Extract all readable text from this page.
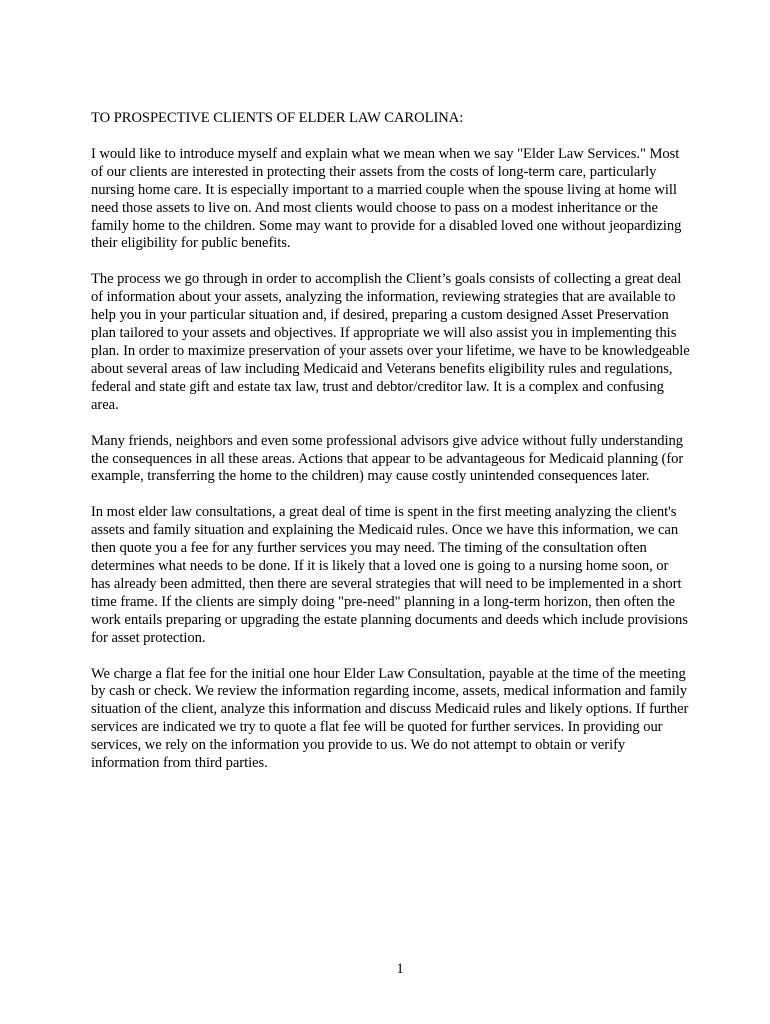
TO PROSPECTIVE CLIENTS OF ELDER LAW CAROLINA:

I would like to introduce myself and explain what we mean when we say "Elder Law Services." Most of our clients are interested in protecting their assets from the costs of long-term care, particularly nursing home care. It is especially important to a married couple when the spouse living at home will need those assets to live on. And most clients would choose to pass on a modest inheritance or the family home to the children. Some may want to provide for a disabled loved one without jeopardizing their eligibility for public benefits.

The process we go through in order to accomplish the Client’s goals consists of collecting a great deal of information about your assets, analyzing the information, reviewing strategies that are available to help you in your particular situation and, if desired, preparing a custom designed Asset Preservation plan tailored to your assets and objectives. If appropriate we will also assist you in implementing this plan. In order to maximize preservation of your assets over your lifetime, we have to be knowledgeable about several areas of law including Medicaid and Veterans benefits eligibility rules and regulations, federal and state gift and estate tax law, trust and debtor/creditor law. It is a complex and confusing area.

Many friends, neighbors and even some professional advisors give advice without fully understanding the consequences in all these areas. Actions that appear to be advantageous for Medicaid planning (for example, transferring the home to the children) may cause costly unintended consequences later.

In most elder law consultations, a great deal of time is spent in the first meeting analyzing the client's assets and family situation and explaining the Medicaid rules. Once we have this information, we can then quote you a fee for any further services you may need. The timing of the consultation often determines what needs to be done. If it is likely that a loved one is going to a nursing home soon, or has already been admitted, then there are several strategies that will need to be implemented in a short time frame. If the clients are simply doing "pre-need" planning in a long-term horizon, then often the work entails preparing or upgrading the estate planning documents and deeds which include provisions for asset protection.

We charge a flat fee for the initial one hour Elder Law Consultation, payable at the time of the meeting by cash or check. We review the information regarding income, assets, medical information and family situation of the client, analyze this information and discuss Medicaid rules and likely options. If further services are indicated we try to quote a flat fee will be quoted for further services. In providing our services, we rely on the information you provide to us. We do not attempt to obtain or verify information from third parties.

1
